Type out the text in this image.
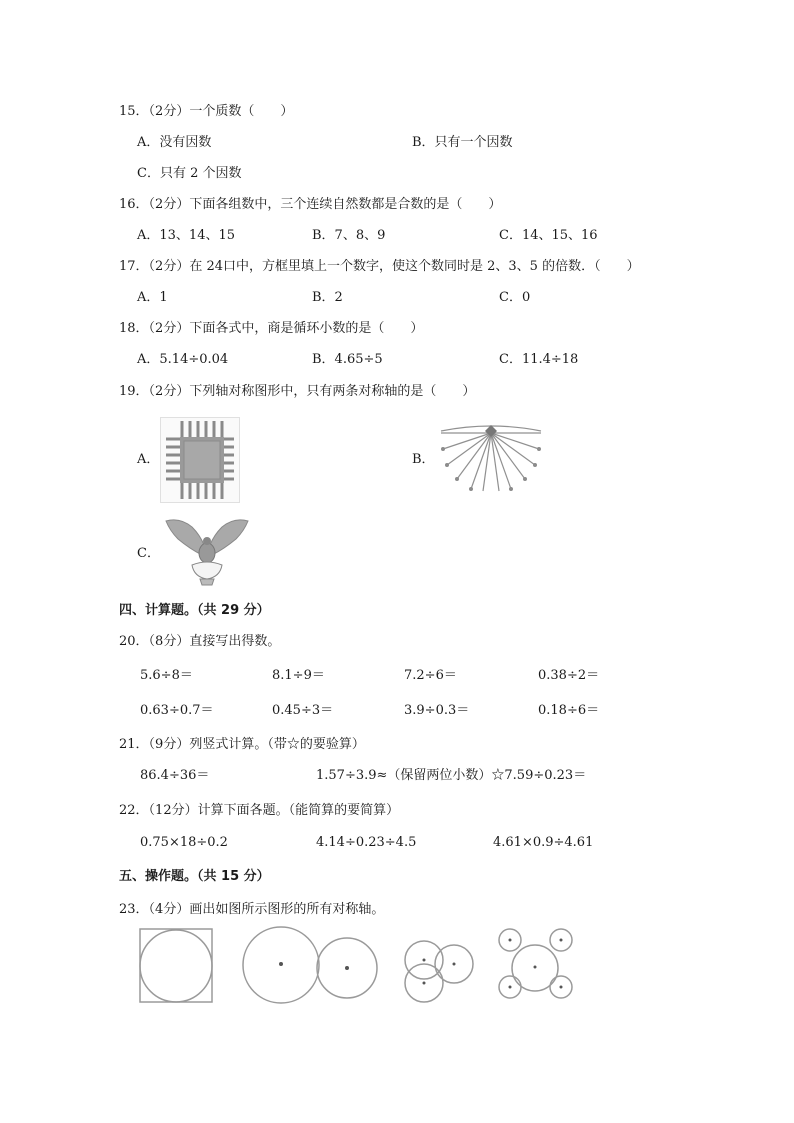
15．（2分）一个质数（　　）
A．没有因数	B．只有一个因数
C．只有 2 个因数
16．（2分）下面各组数中，三个连续自然数都是合数的是（　　）
A．13、14、15	B．7、8、9	C．14、15、16
17．（2分）在 24口中，方框里填上一个数字，使这个数同时是 2、3、5 的倍数．（　　）
A．1	B．2	C．0
18．（2分）下面各式中，商是循环小数的是（　　）
A．5.14÷0.04	B．4.65÷5	C．11.4÷18
19．（2分）下列轴对称图形中，只有两条对称轴的是（　　）
A．	B．
C．
四、计算题。（共 29 分）
20．（8分）直接写出得数。
5.6÷8＝	8.1÷9＝	7.2÷6＝	0.38÷2＝
0.63÷0.7＝	0.45÷3＝	3.9÷0.3＝	0.18÷6＝
21．（9分）列竖式计算。（带☆的要验算）
86.4÷36＝	1.57÷3.9≈（保留两位小数）☆7.59÷0.23＝
22．（12分）计算下面各题。（能简算的要简算）
0.75×18÷0.2	4.14÷0.23÷4.5	4.61×0.9÷4.61
五、操作题。（共 15 分）
23．（4分）画出如图所示图形的所有对称轴。
